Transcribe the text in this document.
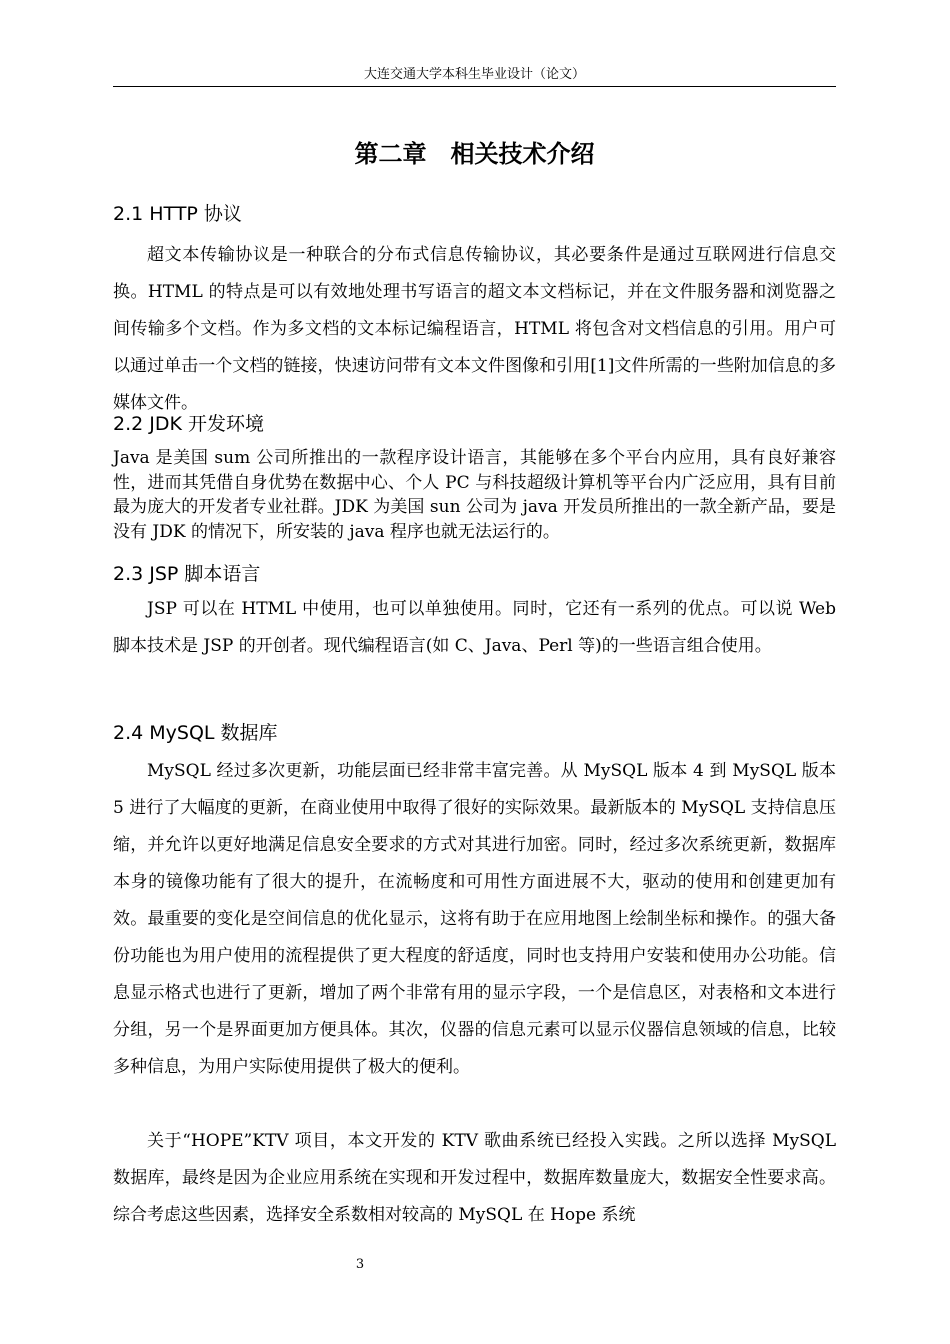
大连交通大学本科生毕业设计（论文）
第二章　相关技术介绍
2.1 HTTP 协议
超文本传输协议是一种联合的分布式信息传输协议，其必要条件是通过互联网进行信息交换。HTML 的特点是可以有效地处理书写语言的超文本文档标记，并在文件服务器和浏览器之间传输多个文档。作为多文档的文本标记编程语言，HTML 将包含对文档信息的引用。用户可以通过单击一个文档的链接，快速访问带有文本文件图像和引用[1]文件所需的一些附加信息的多媒体文件。
2.2 JDK 开发环境
Java 是美国 sum 公司所推出的一款程序设计语言，其能够在多个平台内应用，具有良好兼容性，进而其凭借自身优势在数据中心、个人 PC 与科技超级计算机等平台内广泛应用，具有目前最为庞大的开发者专业社群。JDK 为美国 sun 公司为 java 开发员所推出的一款全新产品，要是没有 JDK 的情况下，所安装的 java 程序也就无法运行的。
2.3 JSP 脚本语言
JSP 可以在 HTML 中使用，也可以单独使用。同时，它还有一系列的优点。可以说 Web 脚本技术是 JSP 的开创者。现代编程语言(如 C、Java、Perl 等)的一些语言组合使用。
2.4 MySQL 数据库
MySQL 经过多次更新，功能层面已经非常丰富完善。从 MySQL 版本 4 到 MySQL 版本 5 进行了大幅度的更新，在商业使用中取得了很好的实际效果。最新版本的 MySQL 支持信息压缩，并允许以更好地满足信息安全要求的方式对其进行加密。同时，经过多次系统更新，数据库本身的镜像功能有了很大的提升，在流畅度和可用性方面进展不大，驱动的使用和创建更加有效。最重要的变化是空间信息的优化显示，这将有助于在应用地图上绘制坐标和操作。的强大备份功能也为用户使用的流程提供了更大程度的舒适度，同时也支持用户安装和使用办公功能。信息显示格式也进行了更新，增加了两个非常有用的显示字段，一个是信息区，对表格和文本进行分组，另一个是界面更加方便具体。其次，仪器的信息元素可以显示仪器信息领域的信息，比较多种信息，为用户实际使用提供了极大的便利。
关于“HOPE”KTV 项目，本文开发的 KTV 歌曲系统已经投入实践。之所以选择 MySQL 数据库，最终是因为企业应用系统在实现和开发过程中，数据库数量庞大，数据安全性要求高。综合考虑这些因素，选择安全系数相对较高的 MySQL 在 Hope 系统
3
